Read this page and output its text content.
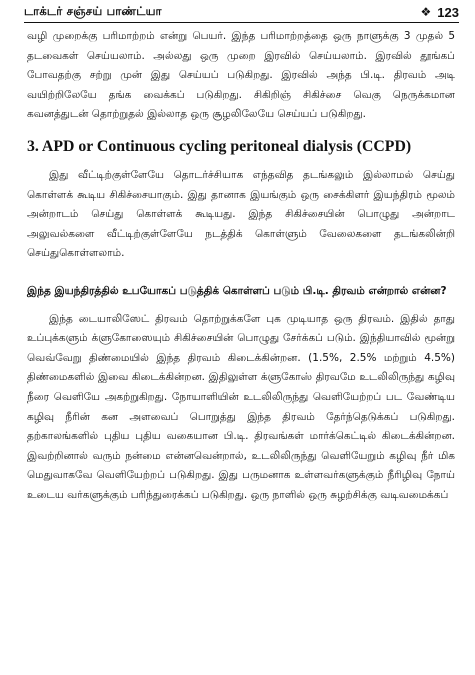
டாக்டர் சஞ்சய் பாண்ட்யா	❖ 123

வழி முறைக்கு பரிமாற்றம் என்று பெயர். இந்த பரிமாற்றத்தை ஒரு நாளுக்கு 3 முதல் 5 தடவைகள் செய்யலாம். அல்லது ஒரு முறை இரவில் செய்யலாம். இரவில் தூங்கப் போவதற்கு சற்று முன் இது செய்யப் படுகிறது. இரவில் அந்த பி.டி. திரவம் அடி வயிற்றிலேயே தங்க வைக்கப் படுகிறது. சிகிறிஞ் சிகிச்சை வெகு நெருக்கமான கவனத்துடன் தொற்றுதல் இல்லாத ஒரு சூழலிலேயே செய்யப் படுகிறது.

3. APD or Continuous cycling peritoneal dialysis (CCPD)

இது வீட்டிற்குள்ளேயே தொடர்ச்சியாக எந்தவித தடங்கலும் இல்லாமல் செய்து கொள்ளக் கூடிய சிகிச்சையாகும். இது தானாக இயங்கும் ஒரு சைக்கிளர் இயந்திரம் மூலம் அன்றாடம் செய்து கொள்ளக் கூடியது. இந்த சிகிச்சையின் பொழுது அன்றாட அலுவல்களை வீட்டிற்குள்ளேயே நடத்திக் கொள்ளும் வேலைகளை தடங்கலின்றி செய்துகொள்ளலாம்.

இந்த இயந்திரத்தில் உபயோகப் படுத்திக் கொள்ளப் படும் பி.டி. திரவம் என்றால் என்ன?

இந்த டையாலிஸேட் திரவம் தொற்றுக்களே புக முடியாத ஒரு திரவம். இதில் தாது உப்புக்களும் க்ளுகோஸையும் சிகிச்சையின் பொழுது சேர்க்கப் படும். இந்தியாவில் மூன்று வெவ்வேறு திண்மையில் இந்த திரவம் கிடைக்கின்றன. (1.5%, 2.5% மற்றும் 4.5%) திண்மைகளில் இவை கிடைக்கின்றன. இதிலுள்ள க்ளுகோஸ் திரவமே உடலிலிருந்து கழிவு நீரை வெளியே அகற்றுகிறது. நோயாளியின் உடலிலிருந்து வெளியேற்றப் பட வேண்டிய கழிவு நீரின் கன அளவைப் பொறுத்து இந்த திரவம் தேர்ந்தெடுக்கப் படுகிறது. தற்காலங்களில் புதிய புதிய வகையான பி.டி. திரவங்கள் மார்க்கெட்டில் கிடைக்கின்றன. இவற்றினால் வரும் நன்மை என்னவென்றால், உடலிலிருந்து வெளியேறும் கழிவு நீர் மிக மெதுவாகவே வெளியேற்றப் படுகிறது. இது பருமனாக உள்ளவர்களுக்கும் நீரிழிவு நோய் உடைய வர்களுக்கும் பரிந்துரைக்கப் படுகிறது. ஒரு நாளில் ஒரு சுழற்சிக்கு வடிவமைக்கப்
